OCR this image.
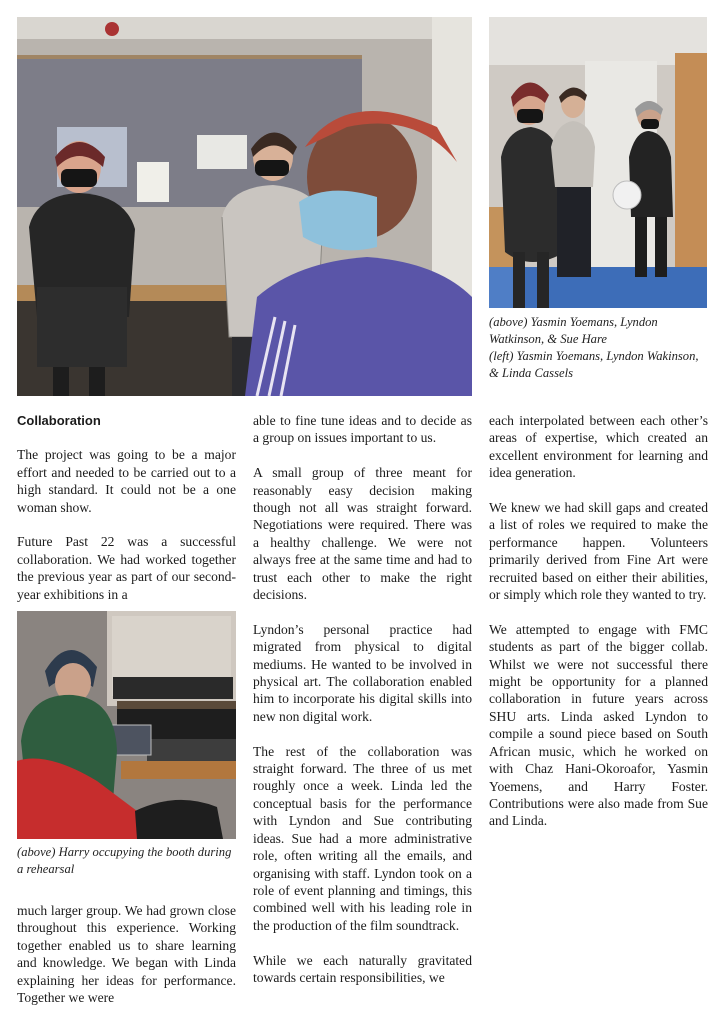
(above) Yasmin Yoemans, Lyndon
Watkinson, & Sue Hare
(left) Yasmin Yoemans, Lyndon Wakinson,
& Linda Cassels
Collaboration

The project was going to be a major effort and needed to be carried out to a high standard. It could not be a one woman show.

Future Past 22 was a successful collaboration. We had worked together the previous year as part of our second-year exhibitions in a

(above) Harry occupying the booth during
a rehearsal

much larger group. We had grown close throughout this experience. Working together enabled us to share learning and knowledge. We began with Linda explaining her ideas for performance. Together we were

able to fine tune ideas and to decide as a group on issues important to us.

A small group of three meant for reasonably easy decision making though not all was straight forward. Negotiations were required. There was a healthy challenge. We were not always free at the same time and had to trust each other to make the right decisions.

Lyndon’s personal practice had migrated from physical to digital mediums. He wanted to be involved in physical art. The collaboration enabled him to incorporate his digital skills into new non digital work.

The rest of the collaboration was straight forward. The three of us met roughly once a week. Linda led the conceptual basis for the performance with Lyndon and Sue contributing ideas. Sue had a more administrative role, often writing all the emails, and organising with staff. Lyndon took on a role of event planning and timings, this combined well with his leading role in the production of the film soundtrack.

While we each naturally gravitated towards certain responsibilities, we

each interpolated between each other’s areas of expertise, which created an excellent environment for learning and idea generation.

We knew we had skill gaps and created a list of roles we required to make the performance happen. Volunteers primarily derived from Fine Art were recruited based on either their abilities, or simply which role they wanted to try.

We attempted to engage with FMC students as part of the bigger collab. Whilst we were not successful there might be opportunity for a planned collaboration in future years across SHU arts. Linda asked Lyndon to compile a sound piece based on South African music, which he worked on with Chaz Hani-Okoroafor, Yasmin Yoemens, and Harry Foster. Contributions were also made from Sue and Linda.
